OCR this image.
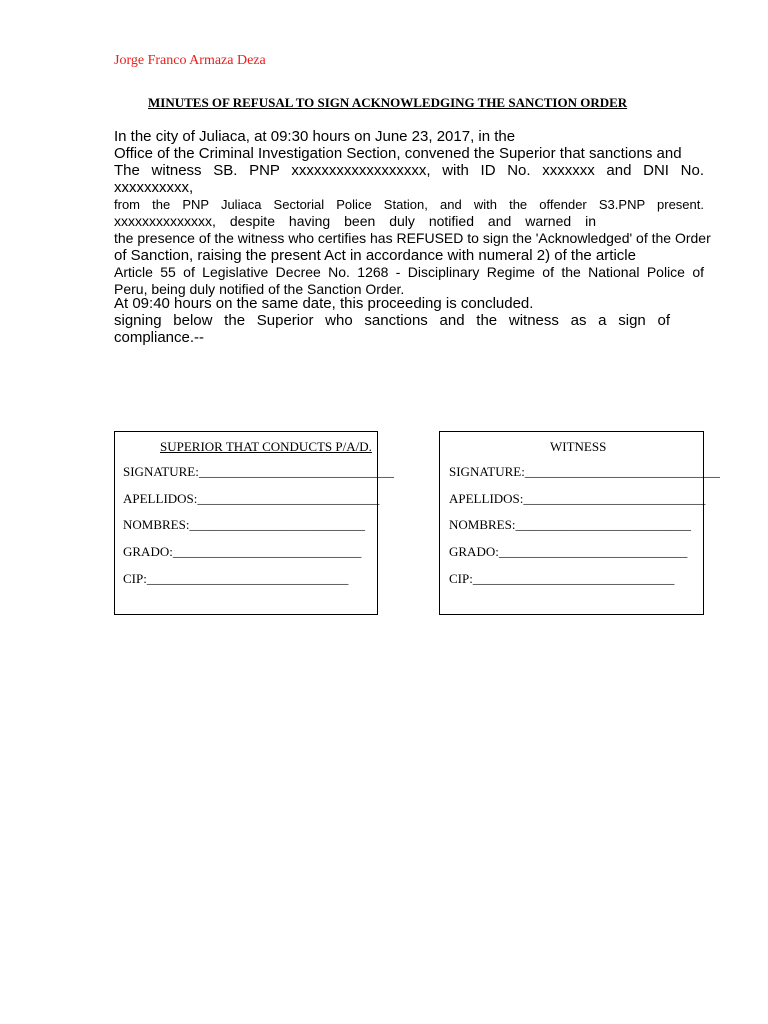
Jorge Franco Armaza Deza
MINUTES OF REFUSAL TO SIGN ACKNOWLEDGING THE SANCTION ORDER
In the city of Juliaca, at 09:30 hours on June 23, 2017, in the
Office of the Criminal Investigation Section, convened the Superior that sanctions and
The witness SB. PNP xxxxxxxxxxxxxxxxxx, with ID No. xxxxxxx and DNI No. xxxxxxxxxx,
from the PNP Juliaca Sectorial Police Station, and with the offender S3.PNP present.
xxxxxxxxxxxxxx, despite having been duly notified and warned in
the presence of the witness who certifies has REFUSED to sign the 'Acknowledged' of the Order
of Sanction, raising the present Act in accordance with numeral 2) of the article
Article 55 of Legislative Decree No. 1268 - Disciplinary Regime of the National Police of
Peru, being duly notified of the Sanction Order.
At 09:40 hours on the same date, this proceeding is concluded.
signing below the Superior who sanctions and the witness as a sign of
compliance.--
SUPERIOR THAT CONDUCTS P/A/D.
SIGNATURE:______________________________
APELLIDOS:____________________________
NOMBRES:___________________________
GRADO:_____________________________
CIP:_______________________________
WITNESS
SIGNATURE:______________________________
APELLIDOS:____________________________
NOMBRES:___________________________
GRADO:_____________________________
CIP:_______________________________
